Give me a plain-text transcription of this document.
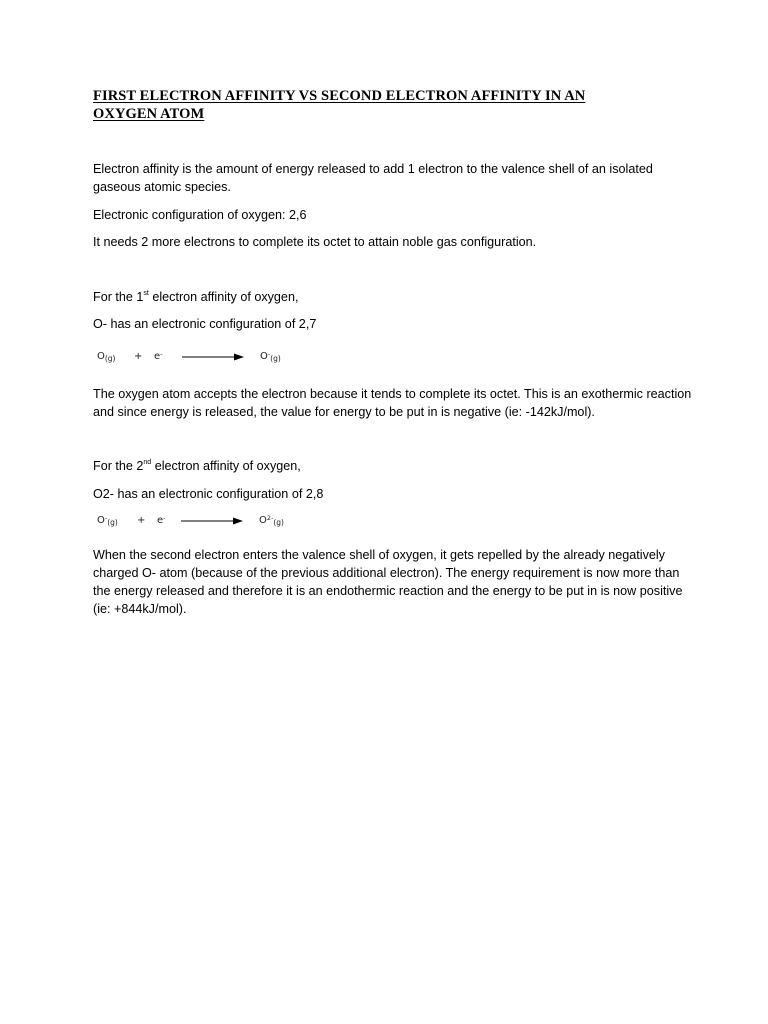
FIRST ELECTRON AFFINITY VS SECOND ELECTRON AFFINITY IN AN OXYGEN ATOM

Electron affinity is the amount of energy released to add 1 electron to the valence shell of an isolated gaseous atomic species.

Electronic configuration of oxygen: 2,6

It needs 2 more electrons to complete its octet to attain noble gas configuration.

For the 1st electron affinity of oxygen,

O- has an electronic configuration of 2,7

$O_{(g)} + e^-$	$O^-_{(g)}$

The oxygen atom accepts the electron because it tends to complete its octet. This is an exothermic reaction and since energy is released, the value for energy to be put in is negative (ie: -142kJ/mol).

For the 2nd electron affinity of oxygen,

O2- has an electronic configuration of 2,8

$O^-_{(g)} + e^-$	$O^{2-}_{(g)}$

When the second electron enters the valence shell of oxygen, it gets repelled by the already negatively charged O- atom (because of the previous additional electron). The energy requirement is now more than the energy released and therefore it is an endothermic reaction and the energy to be put in is now positive (ie: +844kJ/mol).
